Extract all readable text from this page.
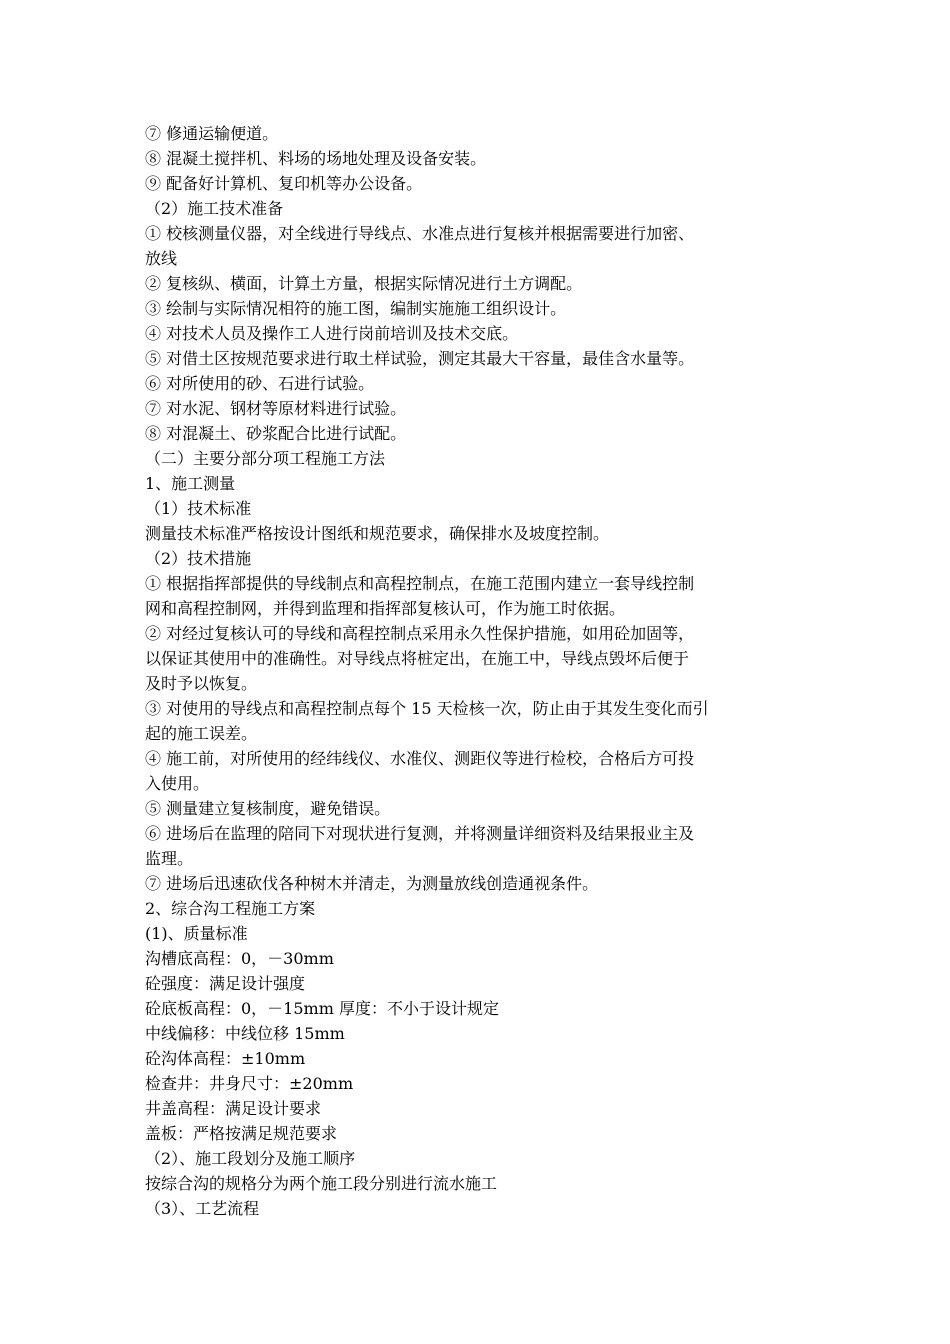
⑦ 修通运输便道。

⑧ 混凝土搅拌机、料场的场地处理及设备安装。

⑨ 配备好计算机、复印机等办公设备。

（2）施工技术准备

① 校核测量仪器，对全线进行导线点、水准点进行复核并根据需要进行加密、

放线

② 复核纵、横面，计算土方量，根据实际情况进行土方调配。

③ 绘制与实际情况相符的施工图，编制实施施工组织设计。

④ 对技术人员及操作工人进行岗前培训及技术交底。

⑤ 对借土区按规范要求进行取土样试验，测定其最大干容量，最佳含水量等。

⑥ 对所使用的砂、石进行试验。

⑦ 对水泥、钢材等原材料进行试验。

⑧ 对混凝土、砂浆配合比进行试配。

（二）主要分部分项工程施工方法

1、施工测量

（1）技术标准

测量技术标准严格按设计图纸和规范要求，确保排水及坡度控制。

（2）技术措施

① 根据指挥部提供的导线制点和高程控制点，在施工范围内建立一套导线控制

网和高程控制网，并得到监理和指挥部复核认可，作为施工时依据。

② 对经过复核认可的导线和高程控制点采用永久性保护措施，如用砼加固等，

以保证其使用中的准确性。对导线点将桩定出，在施工中，导线点毁坏后便于

及时予以恢复。

③ 对使用的导线点和高程控制点每个 15 天检核一次，防止由于其发生变化而引

起的施工误差。

④ 施工前，对所使用的经纬线仪、水准仪、测距仪等进行检校，合格后方可投

入使用。

⑤ 测量建立复核制度，避免错误。

⑥ 进场后在监理的陪同下对现状进行复测，并将测量详细资料及结果报业主及

监理。

⑦ 进场后迅速砍伐各种树木并清走，为测量放线创造通视条件。

2、综合沟工程施工方案

(1)、质量标准

沟槽底高程：0，－30mm

砼强度：满足设计强度

砼底板高程：0，－15mm 厚度：不小于设计规定

中线偏移：中线位移 15mm

砼沟体高程：±10mm

检查井：井身尺寸：±20mm

井盖高程：满足设计要求

盖板：严格按满足规范要求

（2）、施工段划分及施工顺序

按综合沟的规格分为两个施工段分别进行流水施工

（3）、工艺流程
